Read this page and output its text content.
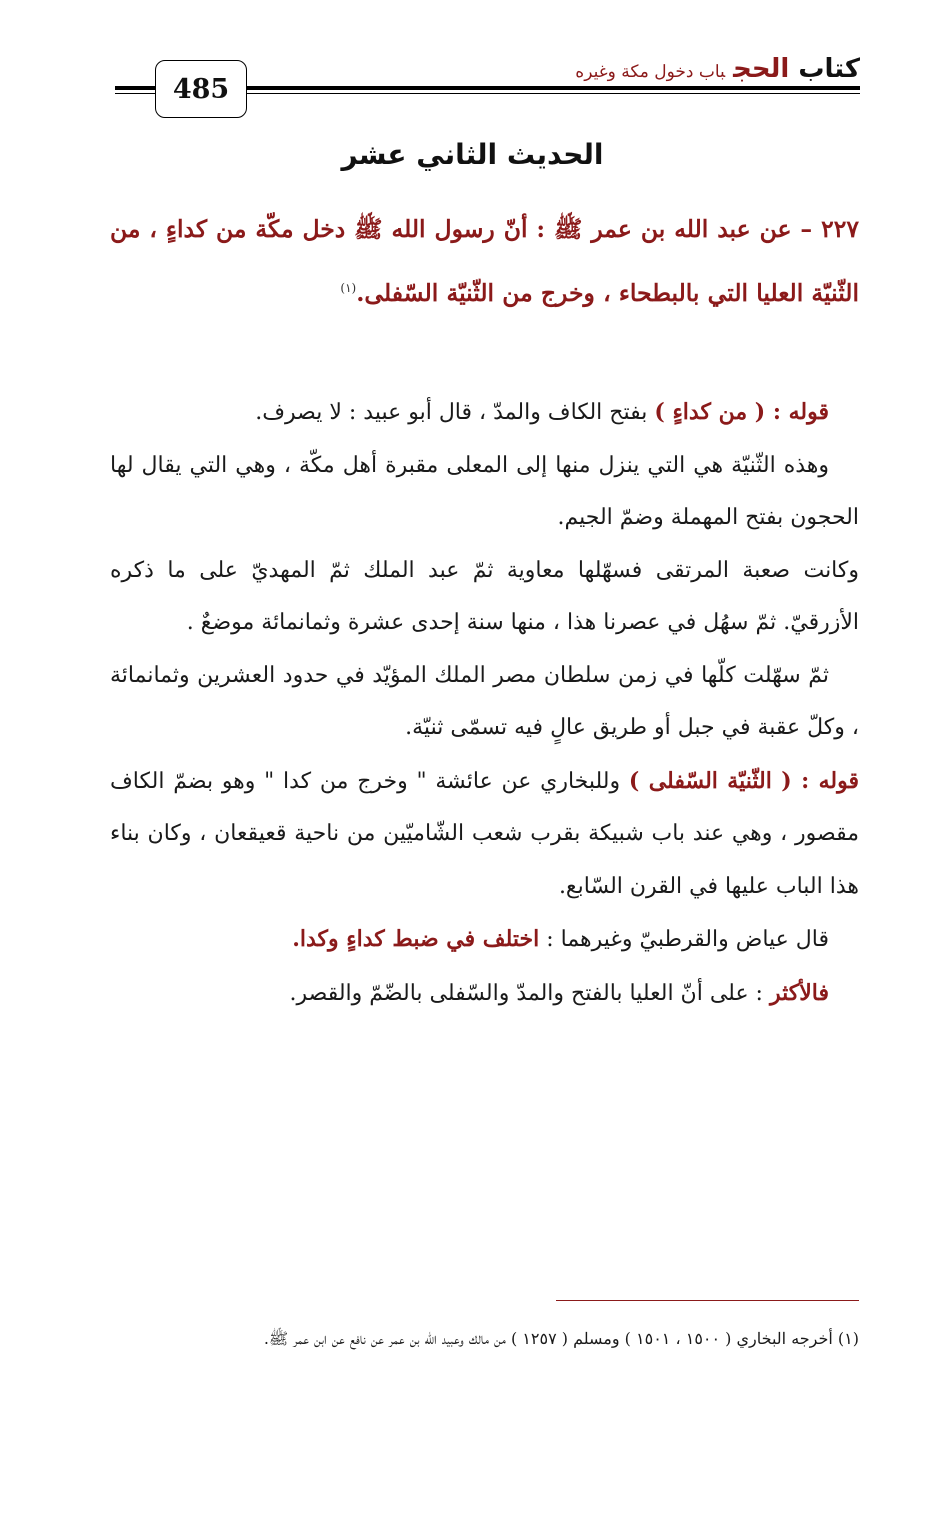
كتاب الحجباب دخول مكة وغيره
485
الحديث الثاني عشر
٢٢٧ – عن عبد الله بن عمر ﷺ : أنّ رسول الله ﷺ دخل مكّة من كداءٍ ، من الثّنيّة العليا التي بالبطحاء ، وخرج من الثّنيّة السّفلى.$^{(١)}$

قوله : ( من كداءٍ ) بفتح الكاف والمدّ ، قال أبو عبيد : لا يصرف.

وهذه الثّنيّة هي التي ينزل منها إلى المعلى مقبرة أهل مكّة ، وهي التي يقال لها الحجون بفتح المهملة وضمّ الجيم.

وكانت صعبة المرتقى فسهّلها معاوية ثمّ عبد الملك ثمّ المهديّ على ما ذكره الأزرقيّ. ثمّ سهُل في عصرنا هذا ، منها سنة إحدى عشرة وثمانمائة موضعٌ .

ثمّ سهّلت كلّها في زمن سلطان مصر الملك المؤيّد في حدود العشرين وثمانمائة ، وكلّ عقبة في جبل أو طريق عالٍ فيه تسمّى ثنيّة.

قوله : ( الثّنيّة السّفلى ) وللبخاري عن عائشة " وخرج من كدا " وهو بضمّ الكاف مقصور ، وهي عند باب شبيكة بقرب شعب الشّاميّين من ناحية قعيقعان ، وكان بناء هذا الباب عليها في القرن السّابع.

قال عياض والقرطبيّ وغيرهما : اختلف في ضبط كداءٍ وكدا.

فالأكثر : على أنّ العليا بالفتح والمدّ والسّفلى بالضّمّ والقصر.

(١) أخرجه البخاري ( ١٥٠٠ ، ١٥٠١ ) ومسلم ( ١٢٥٧ ) من مالك وعبيد الله بن عمر عن نافع عن ابن عمر ﷺ.
